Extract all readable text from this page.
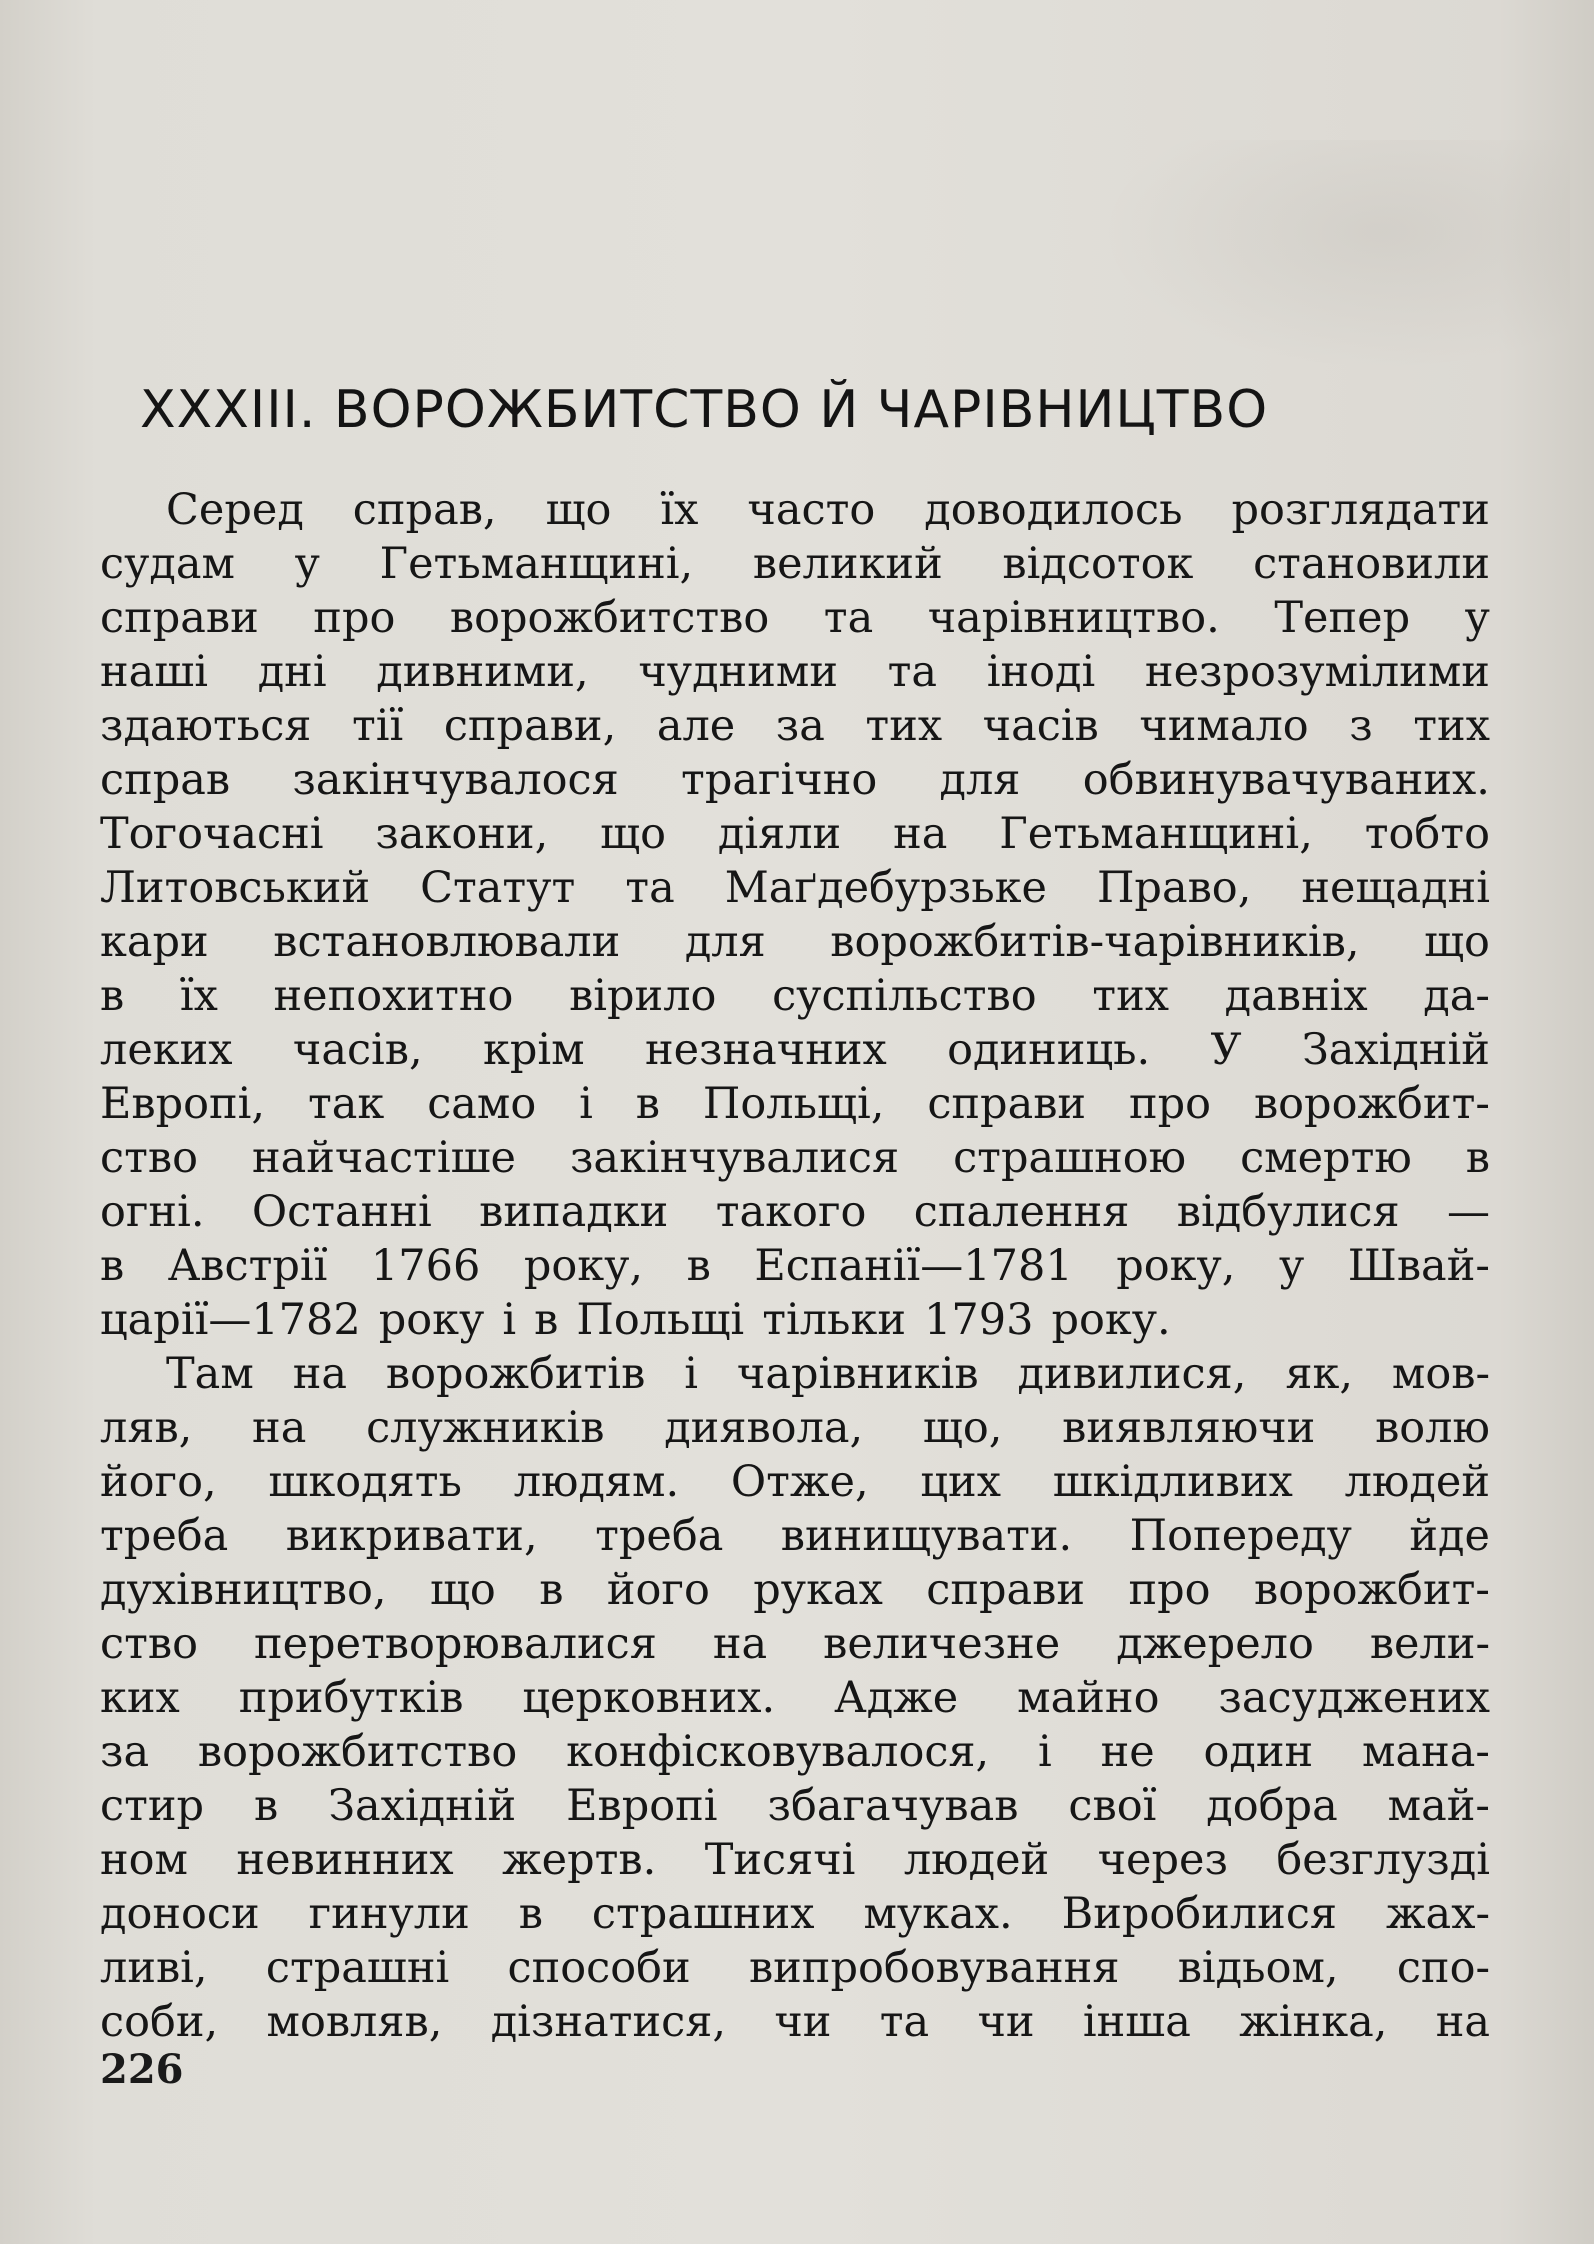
XXXIII. ВОРОЖБИТСТВО Й ЧАРІВНИЦТВО
Серед справ, що їх часто доводилось розглядати
судам у Гетьманщині, великий відсоток становили
справи про ворожбитство та чарівництво. Тепер у
наші дні дивними, чудними та іноді незрозумілими
здаються тії справи, але за тих часів чимало з тих
справ закінчувалося трагічно для обвинувачуваних.
Тогочасні закони, що діяли на Гетьманщині, тобто
Литовський Статут та Маґдебурзьке Право, нещадні
кари встановлювали для ворожбитів-чарівників, що
в їх непохитно вірило суспільство тих давніх да-
леких часів, крім незначних одиниць. У Західній
Европі, так само і в Польщі, справи про ворожбит-
ство найчастіше закінчувалися страшною смертю в
огні. Останні випадки такого спалення відбулися —
в Австрії 1766 року, в Еспанії—1781 року, у Швай-
царії—1782 року і в Польщі тільки 1793 року.
Там на ворожбитів і чарівників дивилися, як, мов-
ляв, на служників диявола, що, виявляючи волю
його, шкодять людям. Отже, цих шкідливих людей
треба викривати, треба винищувати. Попереду йде
духівництво, що в його руках справи про ворожбит-
ство перетворювалися на величезне джерело вели-
ких прибутків церковних. Адже майно засуджених
за ворожбитство конфісковувалося, і не один мана-
стир в Західній Европі збагачував свої добра май-
ном невинних жертв. Тисячі людей через безглузді
доноси гинули в страшних муках. Виробилися жах-
ливі, страшні способи випробовування відьом, спо-
соби, мовляв, дізнатися, чи та чи інша жінка, на

226
